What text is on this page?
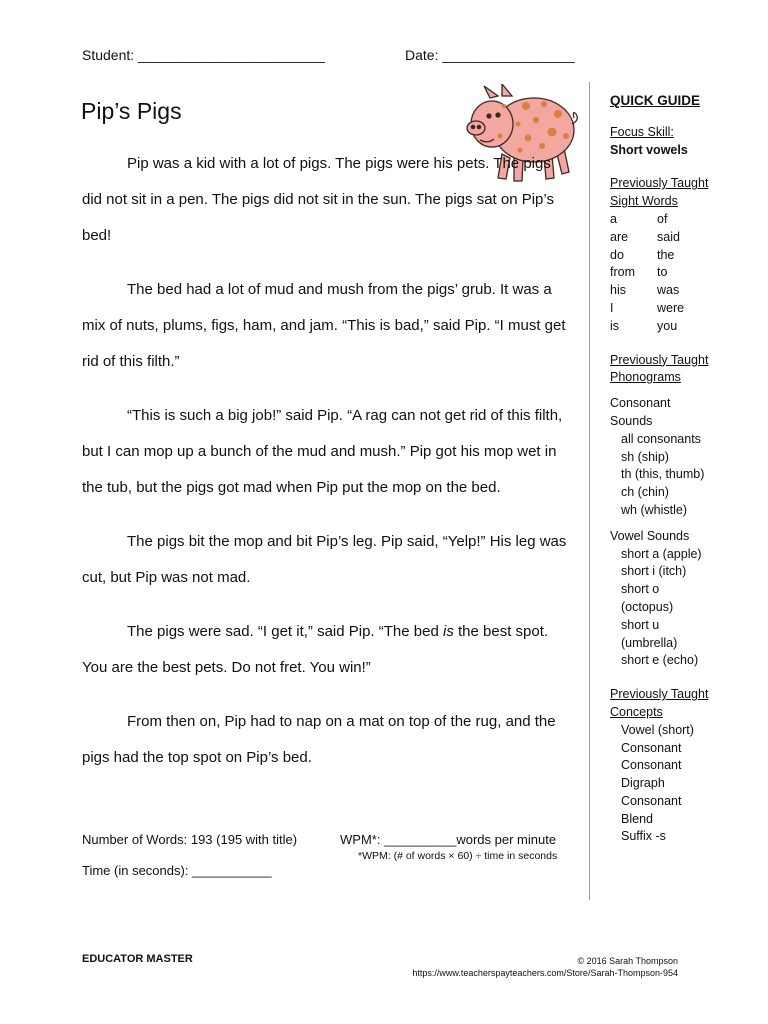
Student: ________________________	Date: _________________
Pip’s Pigs

Pip was a kid with a lot of pigs. The pigs were his pets. The pigs did not sit in a pen. The pigs did not sit in the sun. The pigs sat on Pip’s bed!

The bed had a lot of mud and mush from the pigs’ grub. It was a mix of nuts, plums, figs, ham, and jam. “This is bad,” said Pip. “I must get rid of this filth.”

“This is such a big job!” said Pip. “A rag can not get rid of this filth, but I can mop up a bunch of the mud and mush.” Pip got his mop wet in the tub, but the pigs got mad when Pip put the mop on the bed.

The pigs bit the mop and bit Pip’s leg. Pip said, “Yelp!” His leg was cut, but Pip was not mad.

The pigs were sad. “I get it,” said Pip. “The bed is the best spot. You are the best pets. Do not fret. You win!”

From then on, Pip had to nap on a mat on top of the rug, and the pigs had the top spot on Pip’s bed.

QUICK GUIDE
Focus Skill:
Short vowels
Previously Taught
Sight Words
a	of
are	said
do	the
from	to
his	was
I	were
is	you
Previously Taught
Phonograms
Consonant
Sounds
all consonants
sh (ship)
th (this, thumb)
ch (chin)
wh (whistle)
Vowel Sounds
short a (apple)
short i (itch)
short o
(octopus)
short u
(umbrella)
short e (echo)
Previously Taught
Concepts
Vowel (short)
Consonant
Consonant
Digraph
Consonant
Blend
Suffix -s
Number of Words: 193 (195 with title)	WPM*: __________words per minute
*WPM: (# of words × 60) ÷ time in seconds
Time (in seconds): ___________
EDUCATOR MASTER	© 2016 Sarah Thompson
https://www.teacherspayteachers.com/Store/Sarah-Thompson-954
